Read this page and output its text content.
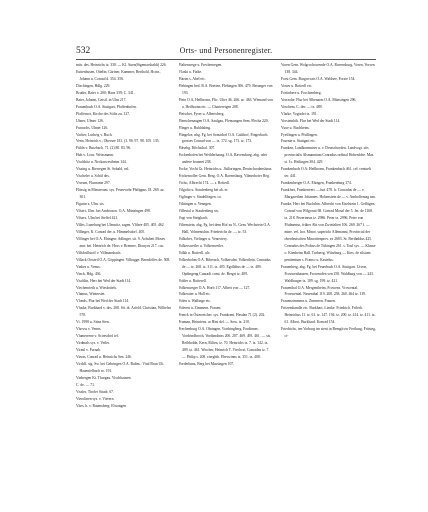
532	Orts- und Personenregister.

mitr. des. Heinrichs tz. 330. — Kl. Auen(Sigemarsbaldi) 226.

Euttenhusen, Ottelin; Gärtner, Kammer, Berthold, Hcinr., Johann u. Conrad d. 354. 356.

Dischingen, Hdlg. 229.

Bruder, Baier v. 200; Hans 339; C. 341.

Baier, Johann, Geistl. in Ulm 217.

Frauenbach O.A. Stuttgart, Pfaffenhofen.

Pfaffenrot, Kirche des Stifts zu. 127.

Uhner, Ulmer 126.

Furnachs, Ulmer 126.

Vacher, Ludwig v. Buch.

Venn, Heinrich v.; Obersee 181. (3. 96. 97. 98. 105. 135.

Fühln v. Butzbach. 71. (2) 80. 83. 96.

Hub v. Loos: Weissmann.

Vischhitz u. Neckarwestheim 144.

Vissing u. Bierregen St. Sebald, cnl.

Vischeler u. Schäf des.

Vivrum, Flurname 297.

Flüssig in Minsterum. sys. Feuerwehr Philippus 18. 269. az. 301.

Figurin z. Ulm. sis.

Vilsert, Ulm. bei Ambroson. O.A. Münsingen 498.

Vilsers, Ulm bei Steffel 421.

Villes, Luneburg bei Ulmwitz, sagen. Vlilsee 405. 405. 462.

Villinger, K. Conrad der. u. Himmelsdorf. 405.

Vilfinger bei O.A. Ehingen: Adlinger. sit. 9. Achsheit Moses ann: bei. Heinrich de. Hoss v. Brenner, Dionyos 217. cas.

Villsbrillstoff v. Villmansbach.

Villack Ortsteil O.A. Göppingen. Vilbugge. Berndöffes de. 508.

Vinkes u. Venus.

Vinck, Hdg. 436.

Vischlin, Herr bei Wed der Stadt 114.

Viechenrieth u. Wiesbritels.

Vlamus, Winterstet.

Vlonds, Flur bei Wed der Stadt 114.

Vluske, Burkhard v. des. 208. Sit. dt. Arfeld, Christian, Wilhelm 570.

Vt. 1998 u. Sitna Sten.

Vhovss v. Venns.

Vlumerrene v. Sciresdorf tel.

Virdmals sys. v. Vetler.

Viraul v. Furnak.

Vieras, Conrad u. Heinrichs Sen. 246.

Virchll. sig. Sw. bei Gebringen O.A. Baltm.: Vital Bran Ult. Hauenfelbach ro. 191.

Vinbergen Kt. Thurgau. Vischhausen.

C. de. — 71.

Vissler, Tiroler Stiadr. 67.

Vieroltnen sys. v. Vierern.

Vites, h. v. Raumsberg; Elwangen.

Flaltenwege u. Frechenregen.

Vlaski u. Fialte.

Flarim s. Ahel etc.

Flehingen bed. B.A. Bretten, Flehingen 306. 479. Berunger von 193.

Flein O.A. Heilbronn, Flic. Ulter 46. 266. ac. 463. Wienand von a. Heilbronn etc. — Chartereigen 208.

Fleischer, Fyrer u. Albertsberg.

Flenschenaugen O.A. Saulgau, Flensungen Sem. Flecha 220.

Flinger u. Buhldalmg.

Flingeloe, nhg. Fg. bei Sonstdorf O.A. Gaildorf, Fingerbuch. grosses Conrad von — tz. 172. sg. 173. tz. 173.

Fläsebg. Höchsthaf. 307.

Fockenhofen bei Weilderhausg. O.A. Ravensburg. abg. oder andere bronnet 238.

Focke, Vocht Gr. Heinrichs u. Jfalloringen, Deutschordenshaus.

Frickenroller Gem. Berg. O.A. Ravensburg. Vilmerhofer Reg.

Vicho, Albrecht 174. — s. Rotterll.

Vilgolio u. Staufenberg bei ab. er.

Viglinger v. Sindelfingen. ca.

Vilttingen u. Venngen.

Villestal u. Staufenberg sis.

Vogt von Steigbach.

Viltenstein, abg. Fg. bei dem Hof zu N., Gem. Wechstein O.A. Hall, Volmentshin. Friederichs de. — tz. 53.

Volkober, Vielinger u. Venovtery.

Volkersweiler u. Volkenweiler.

Volkh u. Rotterll. ulv.

Volkerbohm O.A. Biberach, Volkersdm. Volkertlein. Cnnradus de — tz. 268. tz. 311. tz. 405. Egolldius de — tz. 409. Opdingeng Cunradi comi. de. Bergrt tz. 409.

Volder u. Rotterell.

Volkenweger O.A. Horb 117. Albert von — 127.

Volkerater u. Hall etc.

Volen u. Wallinge etc.

Voleren u. Zimmern, Frauen.

Frenck in Österreicher. sys. Frankrent. Hesdan 71 (2). 202.

Fruman, Heinriens. ar Hint del. — Soss. tz. 210.

Frechenburg O.A. Ohringen, Vordringberg. Fordinner, Vordrindbroch, Vordimdinss 206. 207. 469. 493. 461. — sis. Reibholdn, Kern, Rilien, tz. 70. Heinrichs tz. 7. tz. 142. tz. 409. tz. 461. Wischer, Heinrich T. Vierlcrst, Conradns tz. 7. — Philip s. 208. vierghtb. Eberwinns tz. 351. tz. 408.

Vorderbanz, Berg bei Massingen 107.

Voren Gem. Wolgrochowende O.A. Ravensburg, Voren, Vorsen 138. 344.

Forst Gem. Burgwrcais O.A. Waldsee, Forste 154.

Voster u. Rotterll etc.

Fortinbere u. Forchtenberg.

Vorrzohe, Flur bei Albenarm O.A. Münsingen 296.

Voschem, C. der. — tz. 489.

Vlarke, Vogtsdei tz. 191.

Vorsteinhib. Flur bei Wed der Stadt 114.

Vuxe u. Buchheim.

Fyeilingen u. Pfullingen.

Fruenie u. Stuttgart etc.

Franken, Landkommiser u. v. Deutschorden. Landvogt. sits provincialis Alsmanniam Conradus ordinal Hohenlohe. Mas. st. 1s. Heilingen 304. 429.

Frankenbach O.A. Heilbronn, Frankenbach 461. cel. centuelt ter. 441.

Frankenberger O.A. Ehingen, Frankenburg 174.

Frankfurt, Frankenvert. —furt 478. fr. Conradus de — v. Margarethen Johannes. Hohenstein de — v. Amhoffentag nm.

Franke, Herr bei Buchthin. Albrecht von Eiselstein 1. Geflügen. Conrad von Wilgoratt 68. Conrad Mosal der 5. Jer. de 1168. tz. 218. Pezerineus tz. 2986. Peter tz. 2996. Peter von Pfulmenso, früher Abt von Zwiefalten 106. 269. 267 f. — mine. vel. hor. Minor. superiolo Allemanni, Provincial der oberdeutschen Minoritenprov. ex 2683. Sr. Berthnldus 425. Conrados des Probus de Tübingen 261. s. Toul sys. — Klause o. Kienheim Hall. Turberrg, Würzburg — Ktes. de silsium penitentum s. Franco u. Kastelus.

Frauenberg, abg. Fg. bei Feuerbach O.A. Stuttgart. Urvon, Frouwenhausen, Frowendvn ven 250. Waldburg von — 243. Waldburger tz. 189. sg. 199. tz. 421.

Frauenthal O.A. Mergentheim, Frowens. Vrowental. Frouwental. Neuenthal 119. 208. 258. 260. 464 tz. 119.

Frauenzimmern u. Zimmern, Frauen.

Fritzemhandle etc. Burkhart, Lienke. Friedrich. Frilerh. Heinrichus 11. tz. 61. tz. 147. 194. tz. 200. tz. 414. tz. 411. tz. 61. Albert. Burkhard. Konrad 154.

Friedrichs, ten Vorburg im sient in Bemgfrow Freiburg, Fritsteg, ci-
